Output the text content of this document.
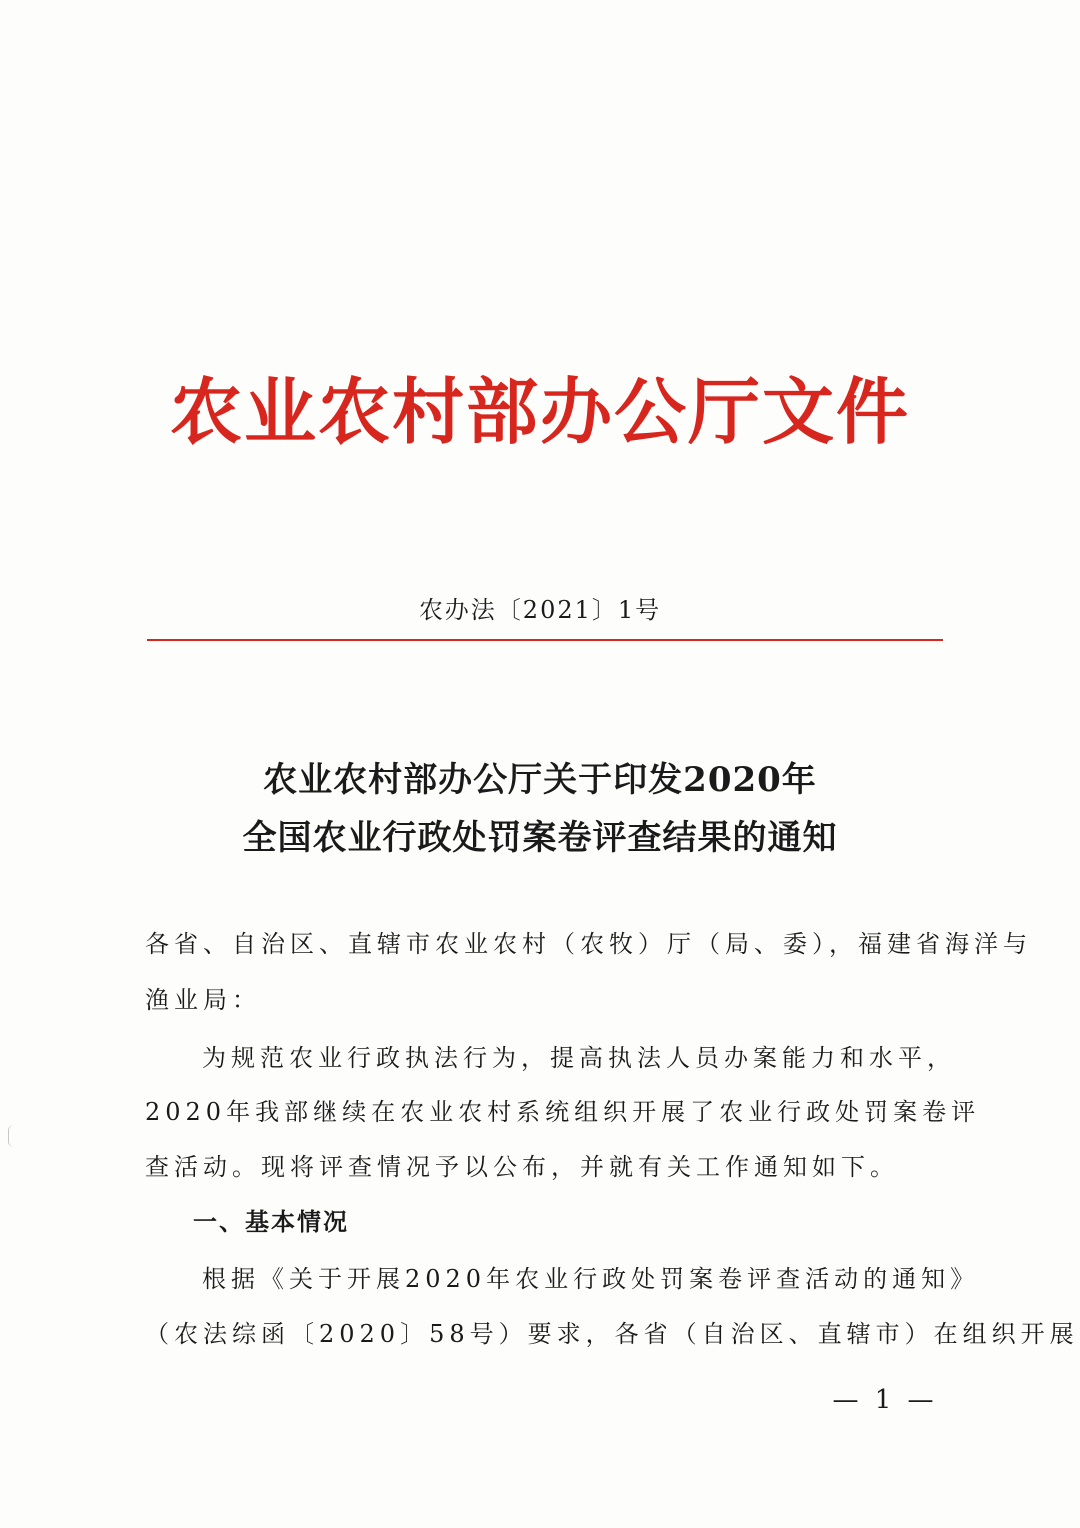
农业农村部办公厅文件
农办法〔2021〕1号
农业农村部办公厅关于印发2020年
全国农业行政处罚案卷评查结果的通知
各省、自治区、直辖市农业农村（农牧）厅（局、委），福建省海洋与
渔业局：
为规范农业行政执法行为，提高执法人员办案能力和水平，
2020年我部继续在农业农村系统组织开展了农业行政处罚案卷评
查活动。现将评查情况予以公布，并就有关工作通知如下。
一、基本情况
根据《关于开展2020年农业行政处罚案卷评查活动的通知》
（农法综函〔2020〕58号）要求，各省（自治区、直辖市）在组织开展
— 1 —
